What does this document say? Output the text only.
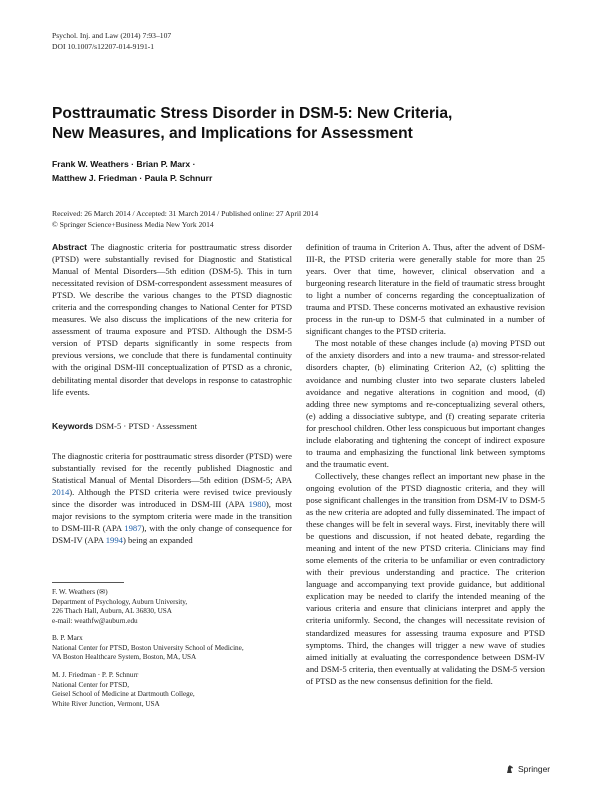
Psychol. Inj. and Law (2014) 7:93–107
DOI 10.1007/s12207-014-9191-1
Posttraumatic Stress Disorder in DSM-5: New Criteria,
New Measures, and Implications for Assessment
Frank W. Weathers · Brian P. Marx ·
Matthew J. Friedman · Paula P. Schnurr
Received: 26 March 2014 / Accepted: 31 March 2014 / Published online: 27 April 2014
© Springer Science+Business Media New York 2014

Abstract The diagnostic criteria for posttraumatic stress disorder (PTSD) were substantially revised for Diagnostic and Statistical Manual of Mental Disorders—5th edition (DSM-5). This in turn necessitated revision of DSM-correspondent assessment measures of PTSD. We describe the various changes to the PTSD diagnostic criteria and the corresponding changes to National Center for PTSD measures. We also discuss the implications of the new criteria for assessment of trauma exposure and PTSD. Although the DSM-5 version of PTSD departs significantly in some respects from previous versions, we conclude that there is fundamental continuity with the original DSM-III conceptualization of PTSD as a chronic, debilitating mental disorder that develops in response to catastrophic life events.

Keywords DSM-5 · PTSD · Assessment

The diagnostic criteria for posttraumatic stress disorder (PTSD) were substantially revised for the recently published Diagnostic and Statistical Manual of Mental Disorders—5th edition (DSM-5; APA 2014). Although the PTSD criteria were revised twice previously since the disorder was introduced in DSM-III (APA 1980), most major revisions to the symptom criteria were made in the transition to DSM-III-R (APA 1987), with the only change of consequence for DSM-IV (APA 1994) being an expanded

F. W. Weathers (✉)
Department of Psychology, Auburn University,
226 Thach Hall, Auburn, AL 36830, USA
e-mail: weathfw@auburn.edu
B. P. Marx
National Center for PTSD, Boston University School of Medicine,
VA Boston Healthcare System, Boston, MA, USA
M. J. Friedman · P. P. Schnurr
National Center for PTSD,
Geisel School of Medicine at Dartmouth College,
White River Junction, Vermont, USA

definition of trauma in Criterion A. Thus, after the advent of DSM-III-R, the PTSD criteria were generally stable for more than 25 years. Over that time, however, clinical observation and a burgeoning research literature in the field of traumatic stress brought to light a number of concerns regarding the conceptualization of trauma and PTSD. These concerns motivated an exhaustive revision process in the run-up to DSM-5 that culminated in a number of significant changes to the PTSD criteria.

The most notable of these changes include (a) moving PTSD out of the anxiety disorders and into a new trauma- and stressor-related disorders chapter, (b) eliminating Criterion A2, (c) splitting the avoidance and numbing cluster into two separate clusters labeled avoidance and negative alterations in cognition and mood, (d) adding three new symptoms and re-conceptualizing several others, (e) adding a dissociative subtype, and (f) creating separate criteria for preschool children. Other less conspicuous but important changes include elaborating and tightening the concept of indirect exposure to trauma and emphasizing the functional link between symptoms and the traumatic event.

Collectively, these changes reflect an important new phase in the ongoing evolution of the PTSD diagnostic criteria, and they will pose significant challenges in the transition from DSM-IV to DSM-5 as the new criteria are adopted and fully disseminated. The impact of these changes will be felt in several ways. First, inevitably there will be questions and discussion, if not heated debate, regarding the meaning and intent of the new PTSD criteria. Clinicians may find some elements of the criteria to be unfamiliar or even contradictory with their previous understanding and practice. The criterion language and accompanying text provide guidance, but additional explication may be needed to clarify the intended meaning of the various criteria and ensure that clinicians interpret and apply the criteria uniformly. Second, the changes will necessitate revision of standardized measures for assessing trauma exposure and PTSD symptoms. Third, the changes will trigger a new wave of studies aimed initially at evaluating the correspondence between DSM-IV and DSM-5 criteria, then eventually at validating the DSM-5 version of PTSD as the new consensus definition for the field.

Springer
